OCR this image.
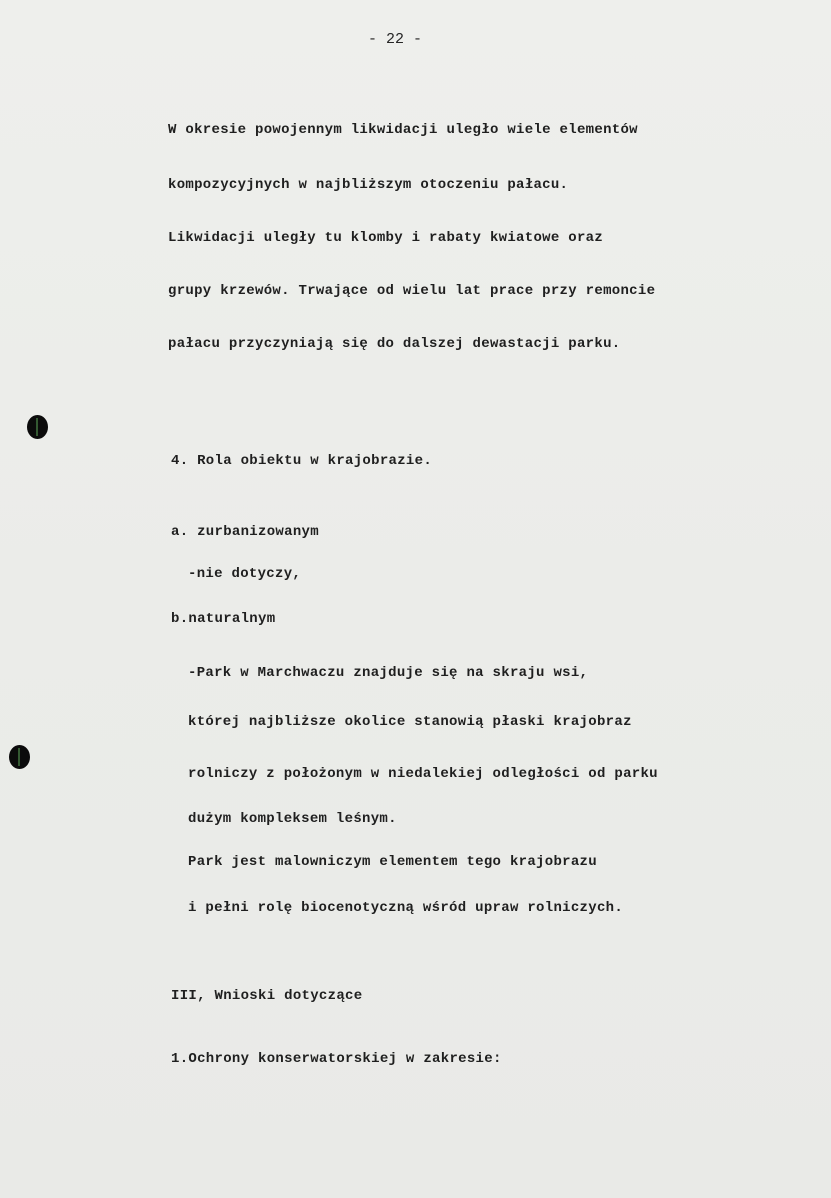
- 22 -

W okresie powojennym likwidacji uległo wiele elementów

kompozycyjnych w najbliższym otoczeniu pałacu.

Likwidacji uległy tu klomby i rabaty kwiatowe oraz

grupy krzewów. Trwające od wielu lat prace przy remoncie

pałacu przyczyniają się do dalszej dewastacji parku.

4. Rola obiektu w krajobrazie.

a. zurbanizowanym

-nie dotyczy,

b.naturalnym

-Park w Marchwaczu znajduje się na skraju wsi,

której najbliższe okolice stanowią płaski krajobraz

rolniczy z położonym w niedalekiej odległości od parku

dużym kompleksem leśnym.

Park jest malowniczym elementem tego krajobrazu

i pełni rolę biocenotyczną wśród upraw rolniczych.

III, Wnioski dotyczące

1.Ochrony konserwatorskiej w zakresie:
